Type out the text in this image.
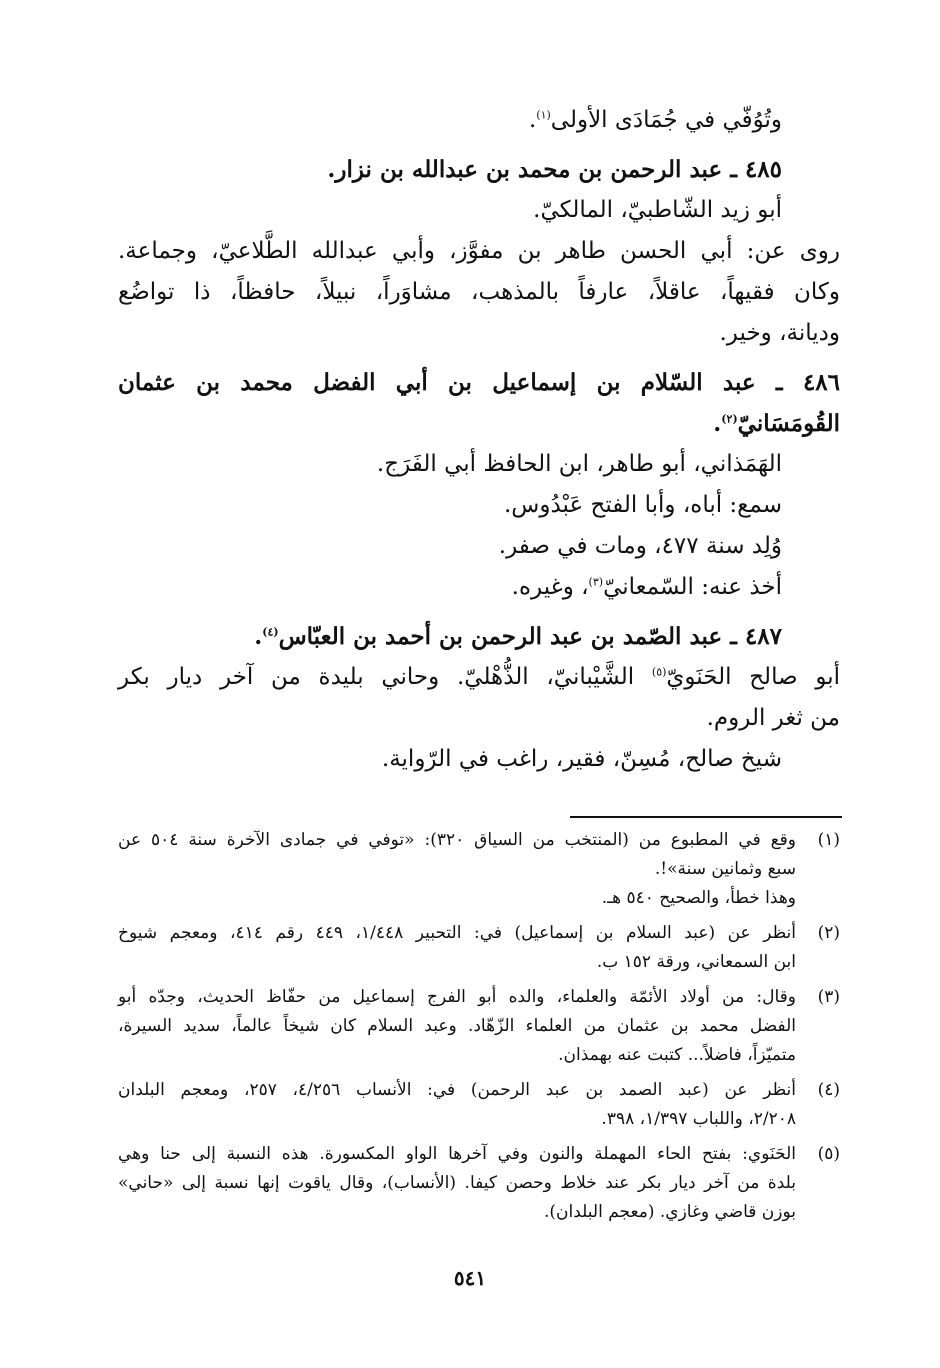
وتُوُفّي في جُمَادَى الأولى$^{(١)}$.
٤٨٥ ـ عبد الرحمن بن محمد بن عبدالله بن نزار.
أبو زيد الشّاطبيّ، المالكيّ.
روى عن: أبي الحسن طاهر بن مفوَّز، وأبي عبدالله الطَّلاعيّ، وجماعة.
وكان فقيهاً، عاقلاً، عارفاً بالمذهب، مشاوَراً، نبيلاً، حافظاً، ذا تواضُع
وديانة، وخير.
٤٨٦ ـ عبد السّلام بن إسماعيل بن أبي الفضل محمد بن عثمان
القُومَسَانيّ$^{(٢)}$.
الهَمَذاني، أبو طاهر، ابن الحافظ أبي الفَرَج.
سمع: أباه، وأبا الفتح عَبْدُوس.
وُلِد سنة ٤٧٧، ومات في صفر.
أخذ عنه: السّمعانيّ$^{(٣)}$، وغيره.
٤٨٧ ـ عبد الصّمد بن عبد الرحمن بن أحمد بن العبّاس$^{(٤)}$.
أبو صالح الحَنَويّ$^{(٥)}$ الشَّيْبانيّ، الذُّهْليّ. وحاني بليدة من آخر ديار بكر
من ثغر الروم.
شيخ صالح، مُسِنّ، فقير، راغب في الرّواية.
(١)
وقع في المطبوع من (المنتخب من السياق ٣٢٠): «توفي في جمادى الآخرة سنة ٥٠٤ عن
سبع وثمانين سنة»!.
وهذا خطأ، والصحيح ٥٤٠ هـ.
(٢)
أنظر عن (عبد السلام بن إسماعيل) في: التحبير ١/٤٤٨، ٤٤٩ رقم ٤١٤، ومعجم شيوخ
ابن السمعاني، ورقة ١٥٢ ب.
(٣)
وقال: من أولاد الأئمّة والعلماء، والده أبو الفرج إسماعيل من حفّاظ الحديث، وجدّه أبو
الفضل محمد بن عثمان من العلماء الزّهّاد. وعبد السلام كان شيخاً عالماً، سديد السيرة،
متميّزاً، فاضلاً... كتبت عنه بهمذان.
(٤)
أنظر عن (عبد الصمد بن عبد الرحمن) في: الأنساب ٤/٢٥٦، ٢٥٧، ومعجم البلدان
٢/٢٠٨، واللباب ١/٣٩٧، ٣٩٨.
(٥)
الحَنَوي: بفتح الحاء المهملة والنون وفي آخرها الواو المكسورة. هذه النسبة إلى حنا وهي
بلدة من آخر ديار بكر عند خلاط وحصن كيفا. (الأنساب)، وقال ياقوت إنها نسبة إلى «حاني»
بوزن قاضي وغازي. (معجم البلدان).
٥٤١
